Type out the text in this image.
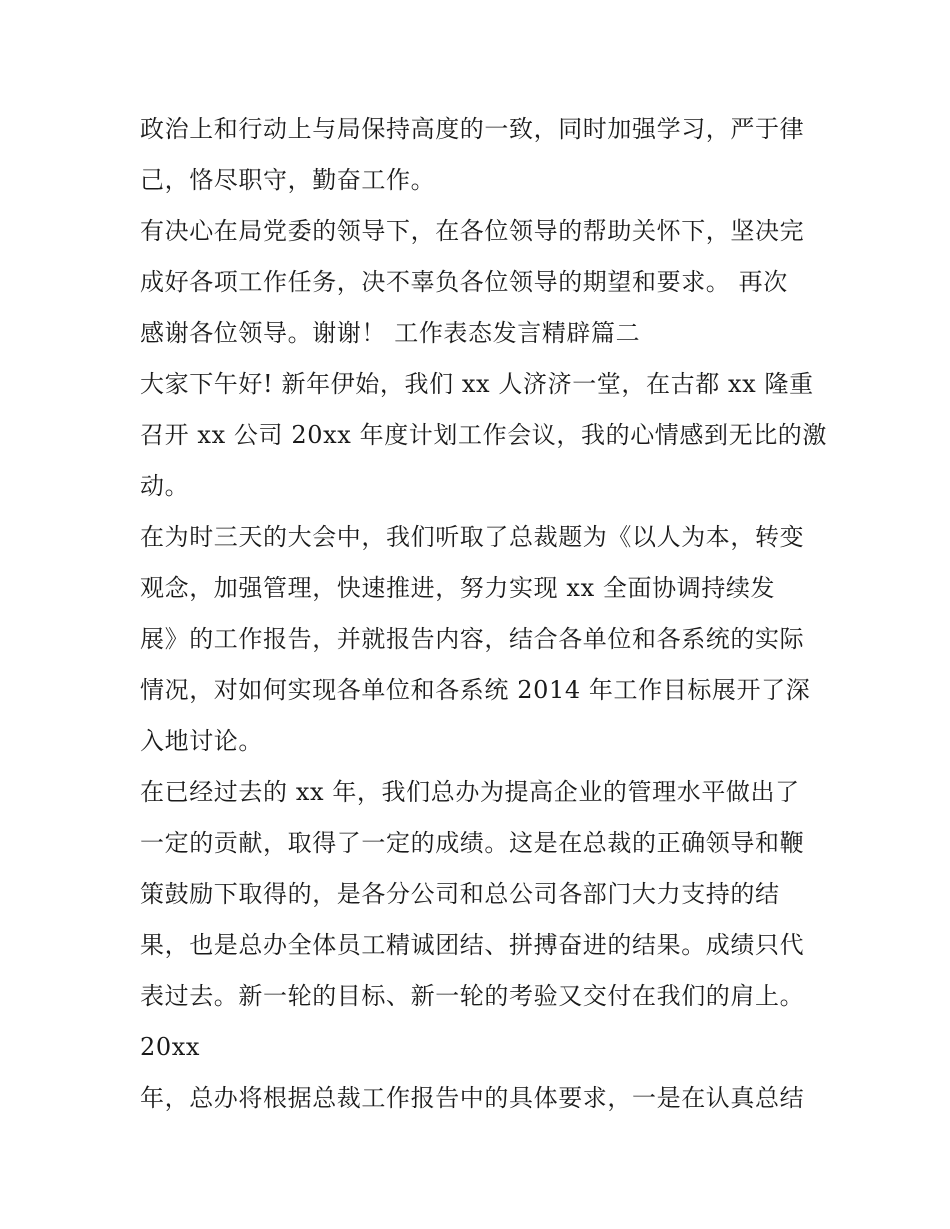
政治上和行动上与局保持高度的一致，同时加强学习，严于律
己，恪尽职守，勤奋工作。
有决心在局党委的领导下，在各位领导的帮助关怀下，坚决完
成好各项工作任务，决不辜负各位领导的期望和要求。 再次
感谢各位领导。谢谢！ 工作表态发言精辟篇二
大家下午好! 新年伊始，我们 xx 人济济一堂，在古都 xx 隆重
召开 xx 公司 20xx 年度计划工作会议，我的心情感到无比的激
动。
在为时三天的大会中，我们听取了总裁题为《以人为本，转变
观念，加强管理，快速推进，努力实现 xx 全面协调持续发
展》的工作报告，并就报告内容，结合各单位和各系统的实际
情况，对如何实现各单位和各系统 2014 年工作目标展开了深
入地讨论。
在已经过去的 xx 年，我们总办为提高企业的管理水平做出了
一定的贡献，取得了一定的成绩。这是在总裁的正确领导和鞭
策鼓励下取得的，是各分公司和总公司各部门大力支持的结
果，也是总办全体员工精诚团结、拼搏奋进的结果。成绩只代
表过去。新一轮的目标、新一轮的考验又交付在我们的肩上。
20xx
年，总办将根据总裁工作报告中的具体要求，一是在认真总结
